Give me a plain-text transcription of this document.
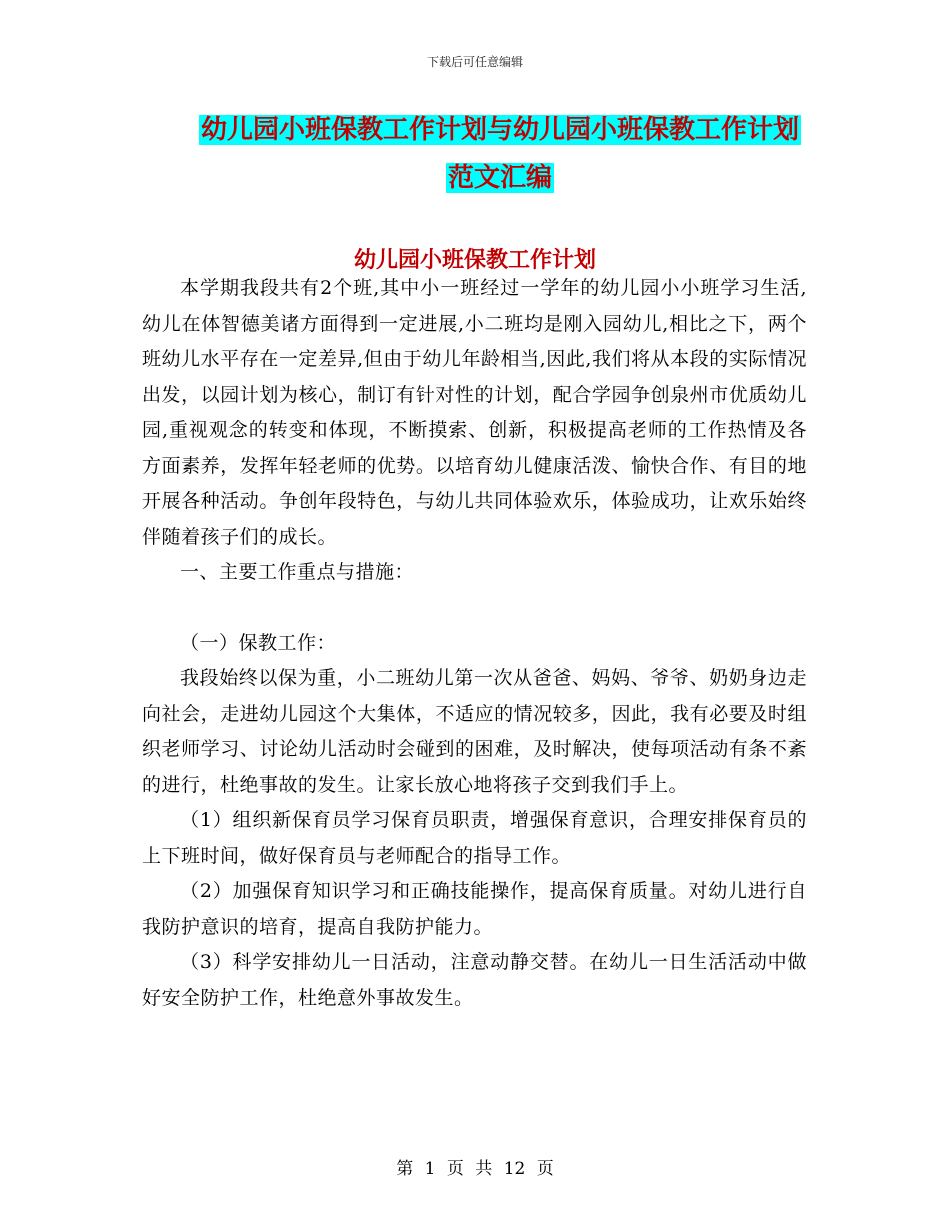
下载后可任意编辑
幼儿园小班保教工作计划与幼儿园小班保教工作计划
范文汇编
幼儿园小班保教工作计划

本学期我段共有2个班,其中小一班经过一学年的幼儿园小小班学习生活,幼儿在体智德美诸方面得到一定进展,小二班均是刚入园幼儿,相比之下，两个班幼儿水平存在一定差异,但由于幼儿年龄相当,因此,我们将从本段的实际情况出发，以园计划为核心，制订有针对性的计划，配合学园争创泉州市优质幼儿园,重视观念的转变和体现，不断摸索、创新，积极提高老师的工作热情及各方面素养，发挥年轻老师的优势。以培育幼儿健康活泼、愉快合作、有目的地开展各种活动。争创年段特色，与幼儿共同体验欢乐，体验成功，让欢乐始终伴随着孩子们的成长。

一、主要工作重点与措施：

（一）保教工作：

我段始终以保为重，小二班幼儿第一次从爸爸、妈妈、爷爷、奶奶身边走向社会，走进幼儿园这个大集体，不适应的情况较多，因此，我有必要及时组织老师学习、讨论幼儿活动时会碰到的困难，及时解决，使每项活动有条不紊的进行，杜绝事故的发生。让家长放心地将孩子交到我们手上。

（1）组织新保育员学习保育员职责，增强保育意识，合理安排保育员的上下班时间，做好保育员与老师配合的指导工作。

（2）加强保育知识学习和正确技能操作，提高保育质量。对幼儿进行自我防护意识的培育，提高自我防护能力。

（3）科学安排幼儿一日活动，注意动静交替。在幼儿一日生活活动中做好安全防护工作，杜绝意外事故发生。

第 1 页 共 12 页
